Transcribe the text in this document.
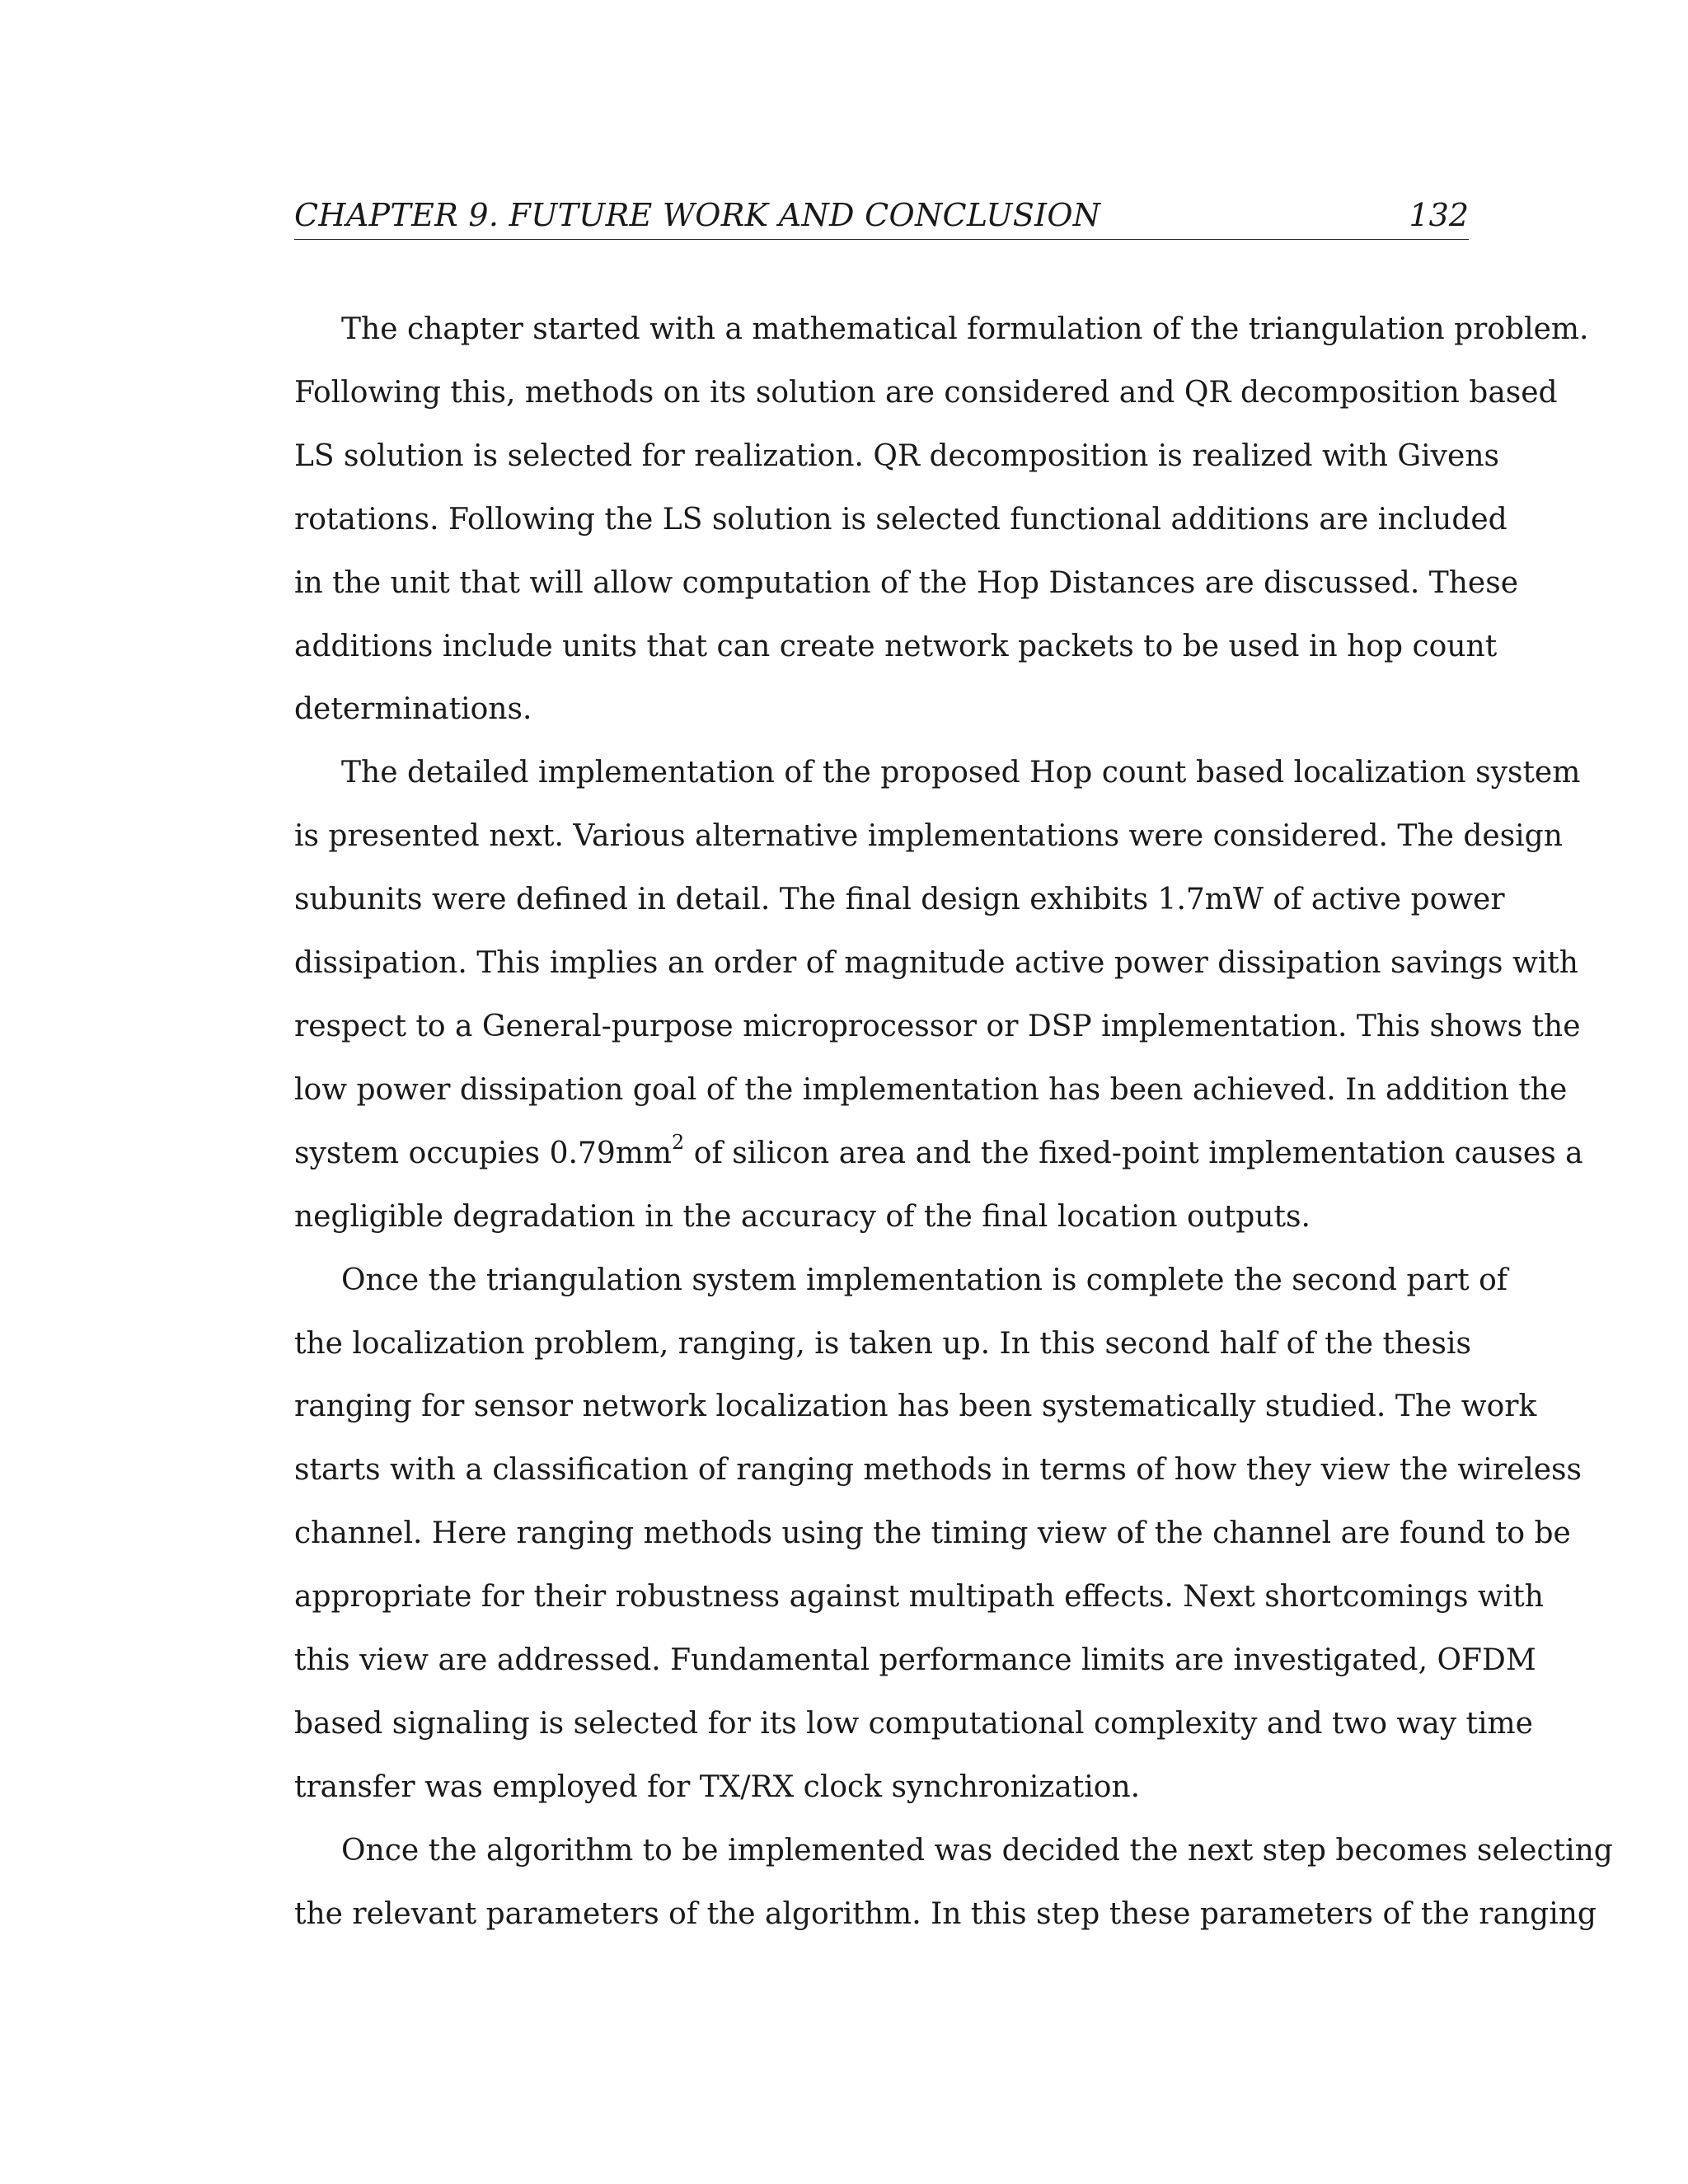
CHAPTER 9. FUTURE WORK AND CONCLUSION	132

The chapter started with a mathematical formulation of the triangulation problem.
Following this, methods on its solution are considered and QR decomposition based
LS solution is selected for realization. QR decomposition is realized with Givens
rotations. Following the LS solution is selected functional additions are included
in the unit that will allow computation of the Hop Distances are discussed. These
additions include units that can create network packets to be used in hop count
determinations.

The detailed implementation of the proposed Hop count based localization system
is presented next. Various alternative implementations were considered. The design
subunits were defined in detail. The final design exhibits 1.7mW of active power
dissipation. This implies an order of magnitude active power dissipation savings with
respect to a General-purpose microprocessor or DSP implementation. This shows the
low power dissipation goal of the implementation has been achieved. In addition the
system occupies $0.79mm^2$ of silicon area and the fixed-point implementation causes a
negligible degradation in the accuracy of the final location outputs.

Once the triangulation system implementation is complete the second part of
the localization problem, ranging, is taken up. In this second half of the thesis
ranging for sensor network localization has been systematically studied. The work
starts with a classification of ranging methods in terms of how they view the wireless
channel. Here ranging methods using the timing view of the channel are found to be
appropriate for their robustness against multipath effects. Next shortcomings with
this view are addressed. Fundamental performance limits are investigated, OFDM
based signaling is selected for its low computational complexity and two way time
transfer was employed for TX/RX clock synchronization.

Once the algorithm to be implemented was decided the next step becomes selecting
the relevant parameters of the algorithm. In this step these parameters of the ranging
